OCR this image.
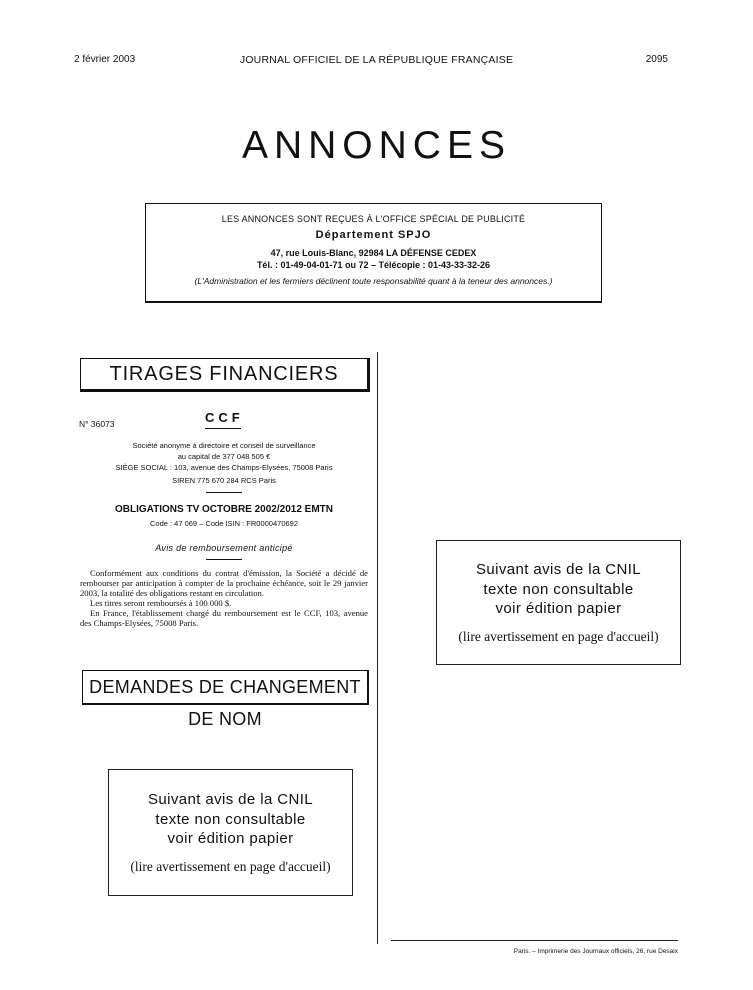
2 février 2003	JOURNAL OFFICIEL DE LA RÉPUBLIQUE FRANÇAISE	2095
ANNONCES
LES ANNONCES SONT REÇUES À L'OFFICE SPÉCIAL DE PUBLICITÉ
Département SPJO
47, rue Louis-Blanc, 92984 LA DÉFENSE CEDEX
Tél. : 01-49-04-01-71 ou 72 – Télécopie : 01-43-33-32-26
(L'Administration et les fermiers déclinent toute responsabilité quant à la teneur des annonces.)
TIRAGES FINANCIERS
N° 36073	CCF
Société anonyme à directoire et conseil de surveillance
au capital de 377 048 505 €
SIÈGE SOCIAL : 103, avenue des Champs-Elysées, 75008 Paris
SIREN 775 670 284 RCS Paris
OBLIGATIONS TV OCTOBRE 2002/2012 EMTN
Code : 47 069 – Code ISIN : FR0000470692
Avis de remboursement anticipé

Conformément aux conditions du contrat d'émission, la Société a décidé de rembourser par anticipation à compter de la prochaine échéance, soit le 29 janvier 2003, la totalité des obligations restant en circulation.

Les titres seront remboursés à 100 000 $.

En France, l'établissement chargé du remboursement est le CCF, 103, avenue des Champs-Elysées, 75008 Paris.

DEMANDES DE CHANGEMENT DE NOM
Suivant avis de la CNIL
texte non consultable
voir édition papier
(lire avertissement en page d'accueil)
Suivant avis de la CNIL
texte non consultable
voir édition papier
(lire avertissement en page d'accueil)
Paris. – Imprimerie des Journaux officiels, 26, rue Desaix
